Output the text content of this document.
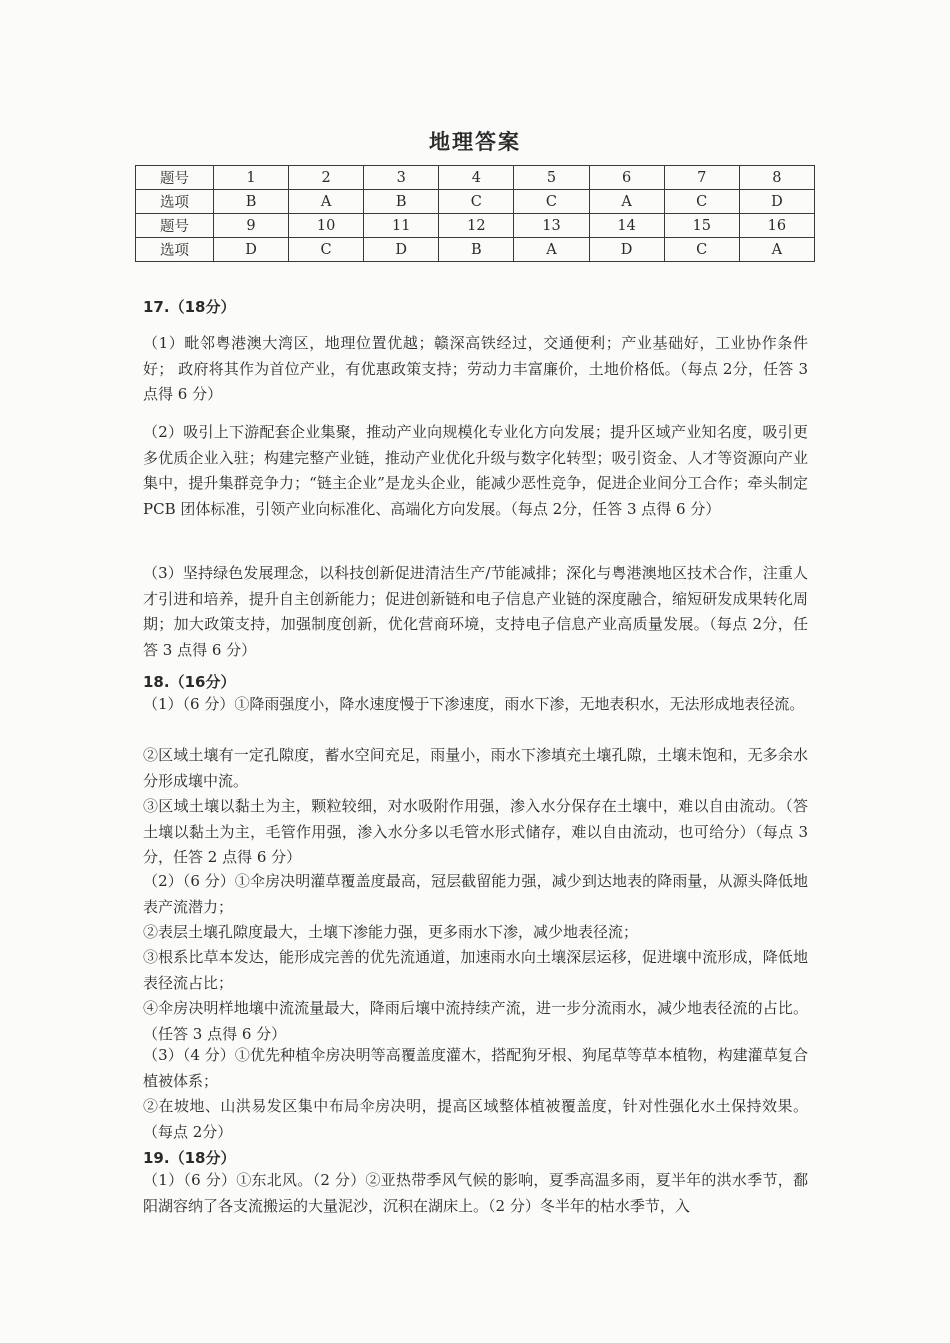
地理答案
题号	1	2	3	4	5	6	7	8
选项	B	A	B	C	C	A	C	D
题号	9	10	11	12	13	14	15	16
选项	D	C	D	B	A	D	C	A
17.（18分）
（1）毗邻粤港澳大湾区，地理位置优越；赣深高铁经过，交通便利；产业基础好，工业协作条件好； 政府将其作为首位产业，有优惠政策支持；劳动力丰富廉价，土地价格低。（每点 2分，任答 3 点得 6 分）
（2）吸引上下游配套企业集聚，推动产业向规模化专业化方向发展；提升区域产业知名度，吸引更多优质企业入驻；构建完整产业链，推动产业优化升级与数字化转型；吸引资金、人才等资源向产业集中，提升集群竞争力；“链主企业”是龙头企业，能减少恶性竞争，促进企业间分工合作；牵头制定 PCB 团体标准，引领产业向标准化、高端化方向发展。（每点 2分，任答 3 点得 6 分）
（3）坚持绿色发展理念，以科技创新促进清洁生产/节能减排；深化与粤港澳地区技术合作，注重人才引进和培养，提升自主创新能力；促进创新链和电子信息产业链的深度融合，缩短研发成果转化周期；加大政策支持，加强制度创新，优化营商环境，支持电子信息产业高质量发展。（每点 2分，任答 3 点得 6 分）
18.（16分）
（1）（6 分）①降雨强度小，降水速度慢于下渗速度，雨水下渗，无地表积水，无法形成地表径流。
②区域土壤有一定孔隙度，蓄水空间充足，雨量小，雨水下渗填充土壤孔隙，土壤未饱和，无多余水分形成壤中流。
③区域土壤以黏土为主，颗粒较细，对水吸附作用强，渗入水分保存在土壤中，难以自由流动。（答土壤以黏土为主，毛管作用强，渗入水分多以毛管水形式储存，难以自由流动，也可给分）（每点 3分，任答 2 点得 6 分）
（2）（6 分）①伞房决明灌草覆盖度最高，冠层截留能力强，减少到达地表的降雨量，从源头降低地表产流潜力；
②表层土壤孔隙度最大，土壤下渗能力强，更多雨水下渗，减少地表径流；
③根系比草本发达，能形成完善的优先流通道，加速雨水向土壤深层运移，促进壤中流形成，降低地表径流占比；
④伞房决明样地壤中流流量最大，降雨后壤中流持续产流，进一步分流雨水，减少地表径流的占比。（任答 3 点得 6 分）
（3）（4 分）①优先种植伞房决明等高覆盖度灌木，搭配狗牙根、狗尾草等草本植物，构建灌草复合植被体系；
②在坡地、山洪易发区集中布局伞房决明，提高区域整体植被覆盖度，针对性强化水土保持效果。（每点 2分）
19.（18分）
（1）（6 分）①东北风。（2 分）②亚热带季风气候的影响，夏季高温多雨，夏半年的洪水季节，鄱阳湖容纳了各支流搬运的大量泥沙，沉积在湖床上。（2 分）冬半年的枯水季节，入
